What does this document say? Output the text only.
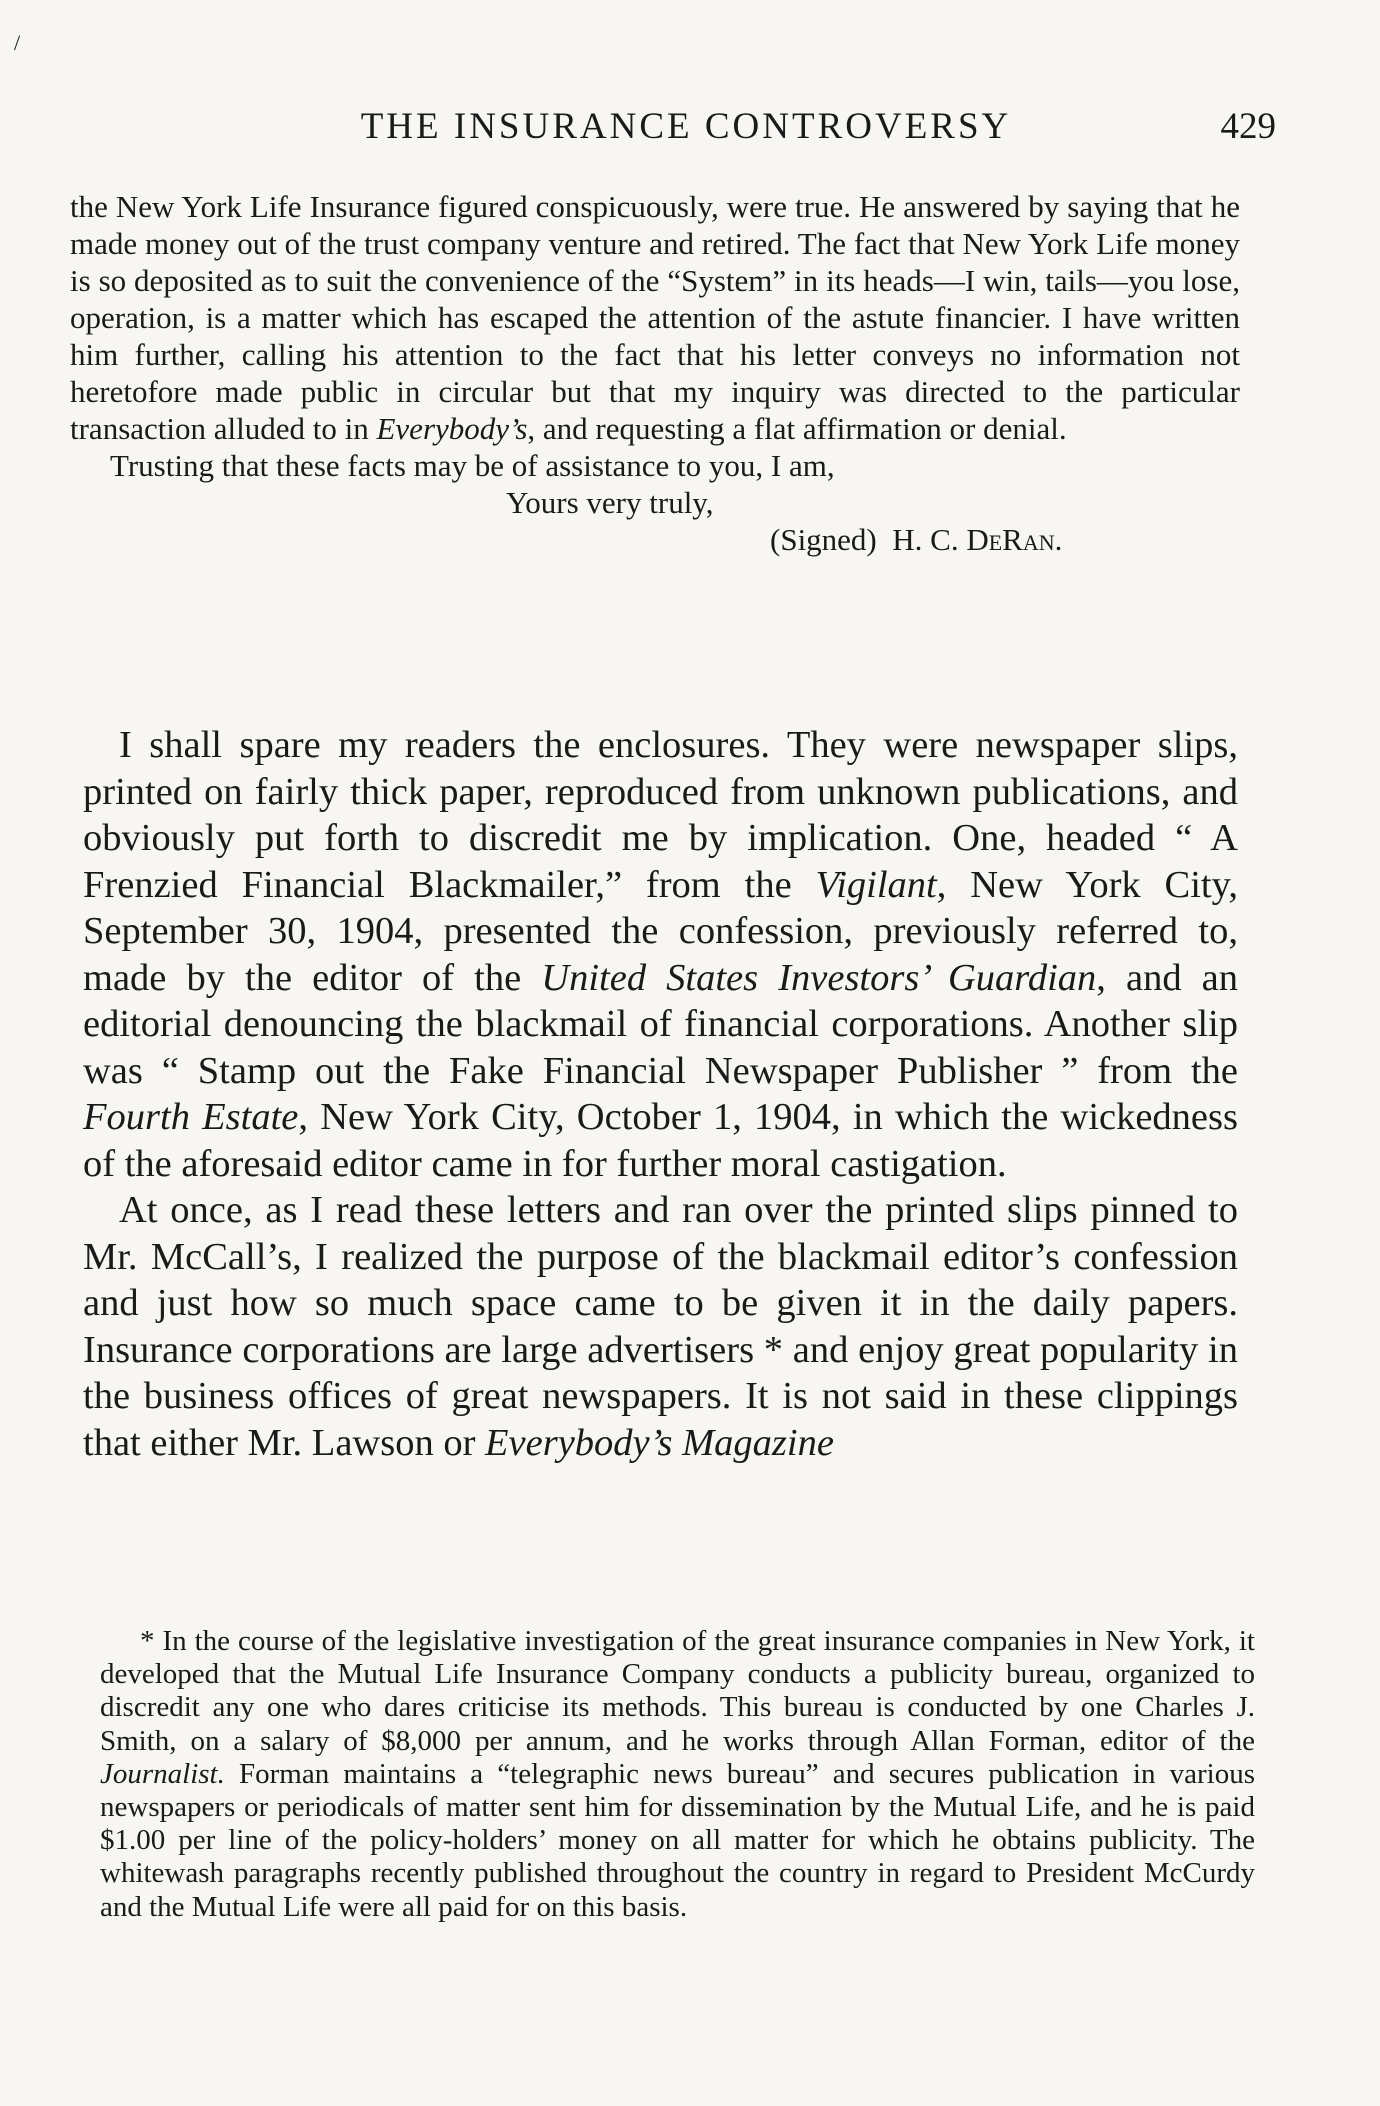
/
THE INSURANCE CONTROVERSY	429

the New York Life Insurance figured conspicuously, were true. He answered by saying that he made money out of the trust company venture and retired. The fact that New York Life money is so deposited as to suit the convenience of the “System” in its heads—I win, tails—you lose, operation, is a matter which has escaped the attention of the astute financier. I have written him further, calling his attention to the fact that his letter conveys no information not heretofore made public in circular but that my inquiry was directed to the particular transaction alluded to in Everybody’s, and requesting a flat affirmation or denial.

Trusting that these facts may be of assistance to you, I am,

Yours very truly,

(Signed) H. C. DeRan.

I shall spare my readers the enclosures. They were newspaper slips, printed on fairly thick paper, reproduced from unknown publications, and obviously put forth to discredit me by implication. One, headed “ A Frenzied Financial Blackmailer,” from the Vigilant, New York City, September 30, 1904, presented the confession, previously referred to, made by the editor of the United States Investors’ Guardian, and an editorial denouncing the blackmail of financial corporations. Another slip was “ Stamp out the Fake Financial Newspaper Publisher ” from the Fourth Estate, New York City, October 1, 1904, in which the wickedness of the aforesaid editor came in for further moral castigation.

At once, as I read these letters and ran over the printed slips pinned to Mr. McCall’s, I realized the purpose of the blackmail editor’s confession and just how so much space came to be given it in the daily papers. Insurance corporations are large advertisers * and enjoy great popularity in the business offices of great newspapers. It is not said in these clippings that either Mr. Lawson or Everybody’s Magazine

* In the course of the legislative investigation of the great insurance companies in New York, it developed that the Mutual Life Insurance Company conducts a publicity bureau, organized to discredit any one who dares criticise its methods. This bureau is conducted by one Charles J. Smith, on a salary of $8,000 per annum, and he works through Allan Forman, editor of the Journalist. Forman maintains a “telegraphic news bureau” and secures publication in various newspapers or periodicals of matter sent him for dissemination by the Mutual Life, and he is paid $1.00 per line of the policy-holders’ money on all matter for which he obtains publicity. The whitewash paragraphs recently published throughout the country in regard to President McCurdy and the Mutual Life were all paid for on this basis.
